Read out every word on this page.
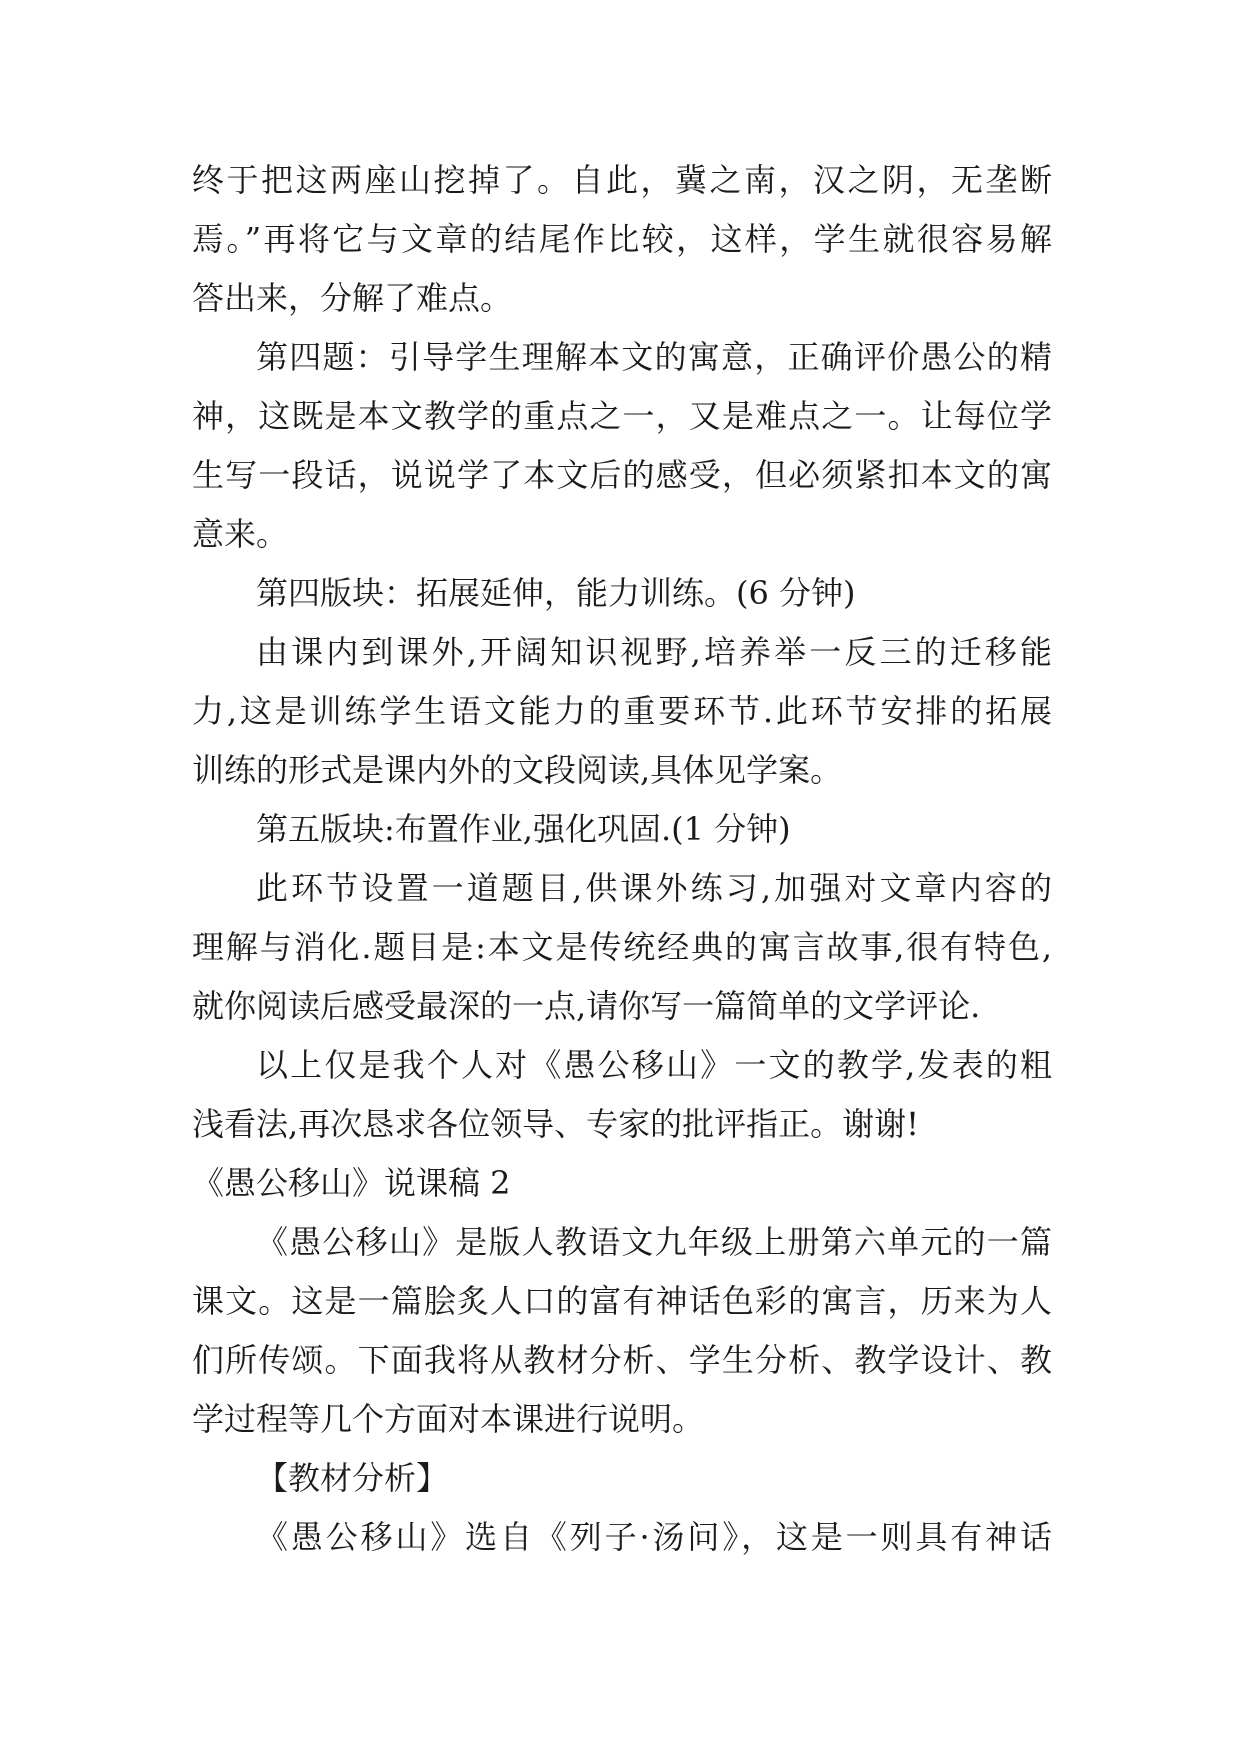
终于把这两座山挖掉了。自此，冀之南，汉之阴，无垄断
焉。”再将它与文章的结尾作比较，这样，学生就很容易解
答出来，分解了难点。
第四题：引导学生理解本文的寓意，正确评价愚公的精
神，这既是本文教学的重点之一，又是难点之一。让每位学
生写一段话，说说学了本文后的感受，但必须紧扣本文的寓
意来。
第四版块：拓展延伸，能力训练。(6 分钟)
由课内到课外,开阔知识视野,培养举一反三的迁移能
力,这是训练学生语文能力的重要环节.此环节安排的拓展
训练的形式是课内外的文段阅读,具体见学案。
第五版块:布置作业,强化巩固.(1 分钟)
此环节设置一道题目,供课外练习,加强对文章内容的
理解与消化.题目是:本文是传统经典的寓言故事,很有特色,
就你阅读后感受最深的一点,请你写一篇简单的文学评论.
以上仅是我个人对《愚公移山》一文的教学,发表的粗
浅看法,再次恳求各位领导、专家的批评指正。谢谢!
《愚公移山》说课稿 2
《愚公移山》是版人教语文九年级上册第六单元的一篇
课文。这是一篇脍炙人口的富有神话色彩的寓言，历来为人
们所传颂。下面我将从教材分析、学生分析、教学设计、教
学过程等几个方面对本课进行说明。
【教材分析】
《愚公移山》选自《列子·汤问》，这是一则具有神话
